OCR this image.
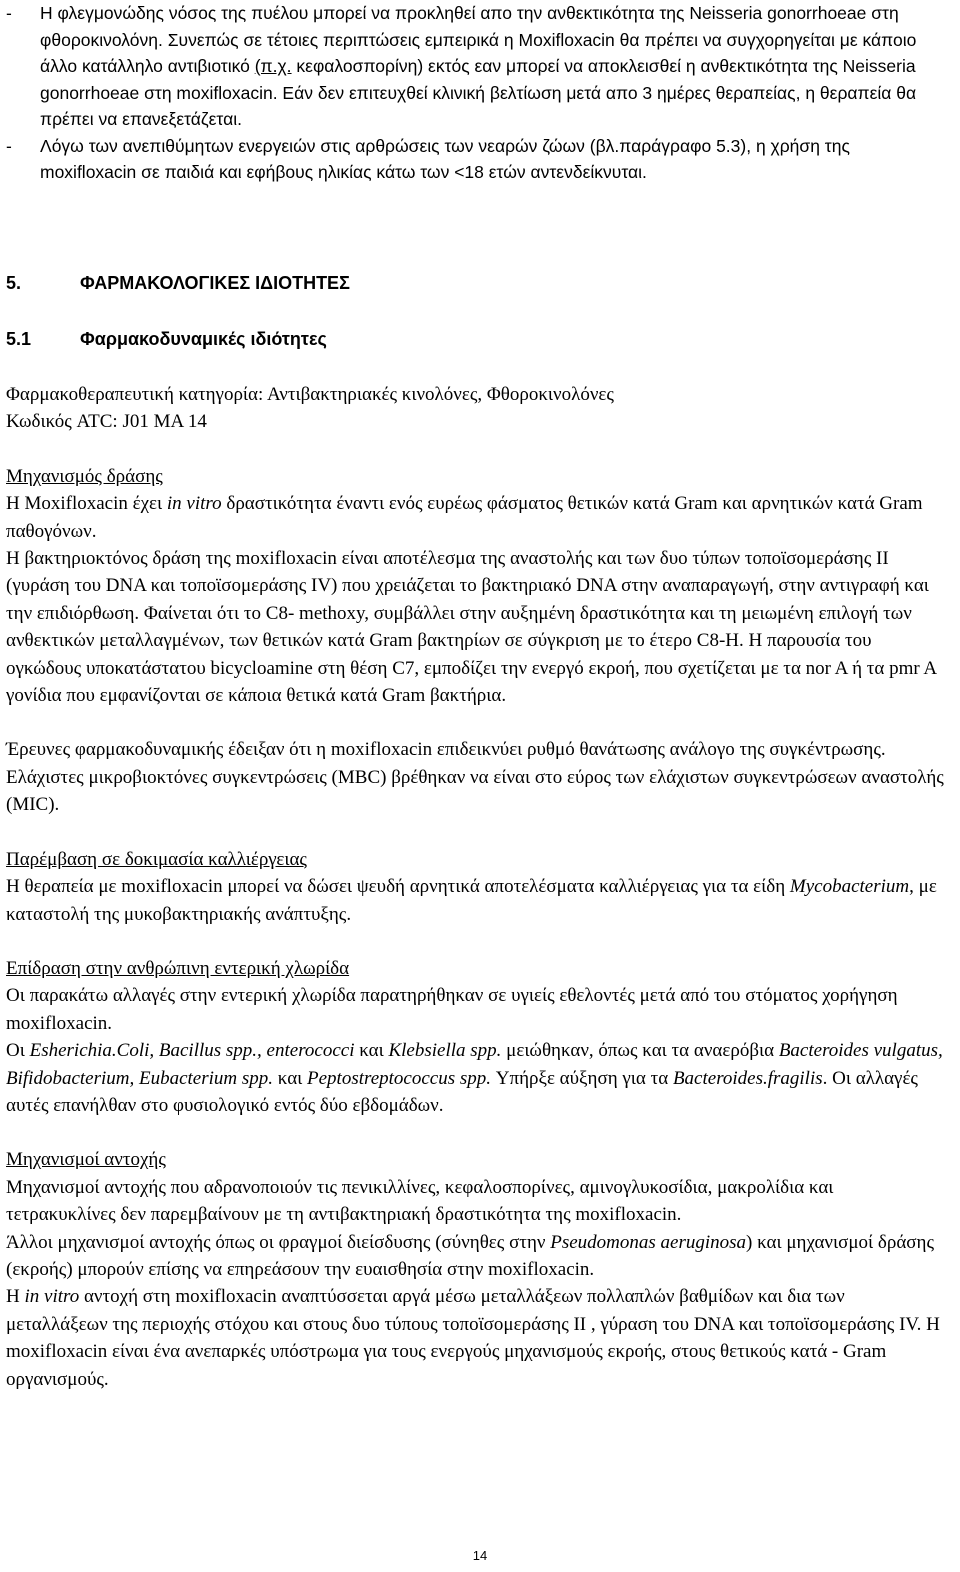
- Η φλεγμονώδης νόσος της πυέλου μπορεί να προκληθεί απο την ανθεκτικότητα της Neisseria gonorrhoeae στη φθοροκινολόνη. Συνεπώς σε τέτοιες περιπτώσεις εμπειρικά η Moxifloxacin θα πρέπει να συγχορηγείται με κάποιο άλλο κατάλληλο αντιβιοτικό (π.χ. κεφαλοσπορίνη) εκτός εαν μπορεί να αποκλεισθεί η ανθεκτικότητα της Neisseria gonorrhoeae στη moxifloxacin. Εάν δεν επιτευχθεί κλινική βελτίωση μετά απο 3 ημέρες θεραπείας, η θεραπεία θα πρέπει να επανεξετάζεται.

- Λόγω των ανεπιθύμητων ενεργειών στις αρθρώσεις των νεαρών ζώων (βλ.παράγραφο 5.3), η χρήση της moxifloxacin σε παιδιά και εφήβους ηλικίας κάτω των <18 ετών αντενδείκνυται.

5.	ΦΑΡΜΑΚΟΛΟΓΙΚΕΣ ΙΔΙΟΤΗΤΕΣ
5.1	Φαρμακοδυναμικές ιδιότητες

Φαρμακοθεραπευτική κατηγορία: Αντιβακτηριακές κινολόνες, Φθοροκινολόνες

Κωδικός ATC: J01 MA 14

Μηχανισμός δράσης

Η Moxifloxacin έχει in vitro δραστικότητα έναντι ενός ευρέως φάσματος θετικών κατά Gram και αρνητικών κατά Gram παθογόνων.

Η βακτηριοκτόνος δράση της moxifloxacin είναι αποτέλεσμα της αναστολής και των δυο τύπων τοποϊσομεράσης II (γυράση του DNA και τοποϊσομεράσης IV) που χρειάζεται το βακτηριακό DNA στην αναπαραγωγή, στην αντιγραφή και την επιδιόρθωση. Φαίνεται ότι το C8- methoxy, συμβάλλει στην αυξημένη δραστικότητα και τη μειωμένη επιλογή των ανθεκτικών μεταλλαγμένων, των θετικών κατά Gram βακτηρίων σε σύγκριση με το έτερο C8-H. Η παρουσία του ογκώδους υποκατάστατου bicycloamine στη θέση C7, εμποδίζει την ενεργό εκροή, που σχετίζεται με τα nor A ή τα pmr A γονίδια που εμφανίζονται σε κάποια θετικά κατά Gram βακτήρια.

Έρευνες φαρμακοδυναμικής έδειξαν ότι η moxifloxacin επιδεικνύει ρυθμό θανάτωσης ανάλογο της συγκέντρωσης. Ελάχιστες μικροβιοκτόνες συγκεντρώσεις (MBC) βρέθηκαν να είναι στο εύρος των ελάχιστων συγκεντρώσεων αναστολής (MIC).

Παρέμβαση σε δοκιμασία καλλιέργειας

Η θεραπεία με moxifloxacin μπορεί να δώσει ψευδή αρνητικά αποτελέσματα καλλιέργειας για τα είδη Mycobacterium, με καταστολή της μυκοβακτηριακής ανάπτυξης.

Επίδραση στην ανθρώπινη εντερική χλωρίδα

Οι παρακάτω αλλαγές στην εντερική χλωρίδα παρατηρήθηκαν σε υγιείς εθελοντές μετά από του στόματος χορήγηση moxifloxacin.

Οι Esherichia.Coli, Bacillus spp., enterococci και Klebsiella spp. μειώθηκαν, όπως και τα αναερόβια Bacteroides vulgatus, Bifidobacterium, Eubacterium spp. και Peptostreptococcus spp. Υπήρξε αύξηση για τα Bacteroides.fragilis. Οι αλλαγές αυτές επανήλθαν στο φυσιολογικό εντός δύο εβδομάδων.

Μηχανισμοί αντοχής

Μηχανισμοί αντοχής που αδρανοποιούν τις πενικιλλίνες, κεφαλοσπορίνες, αμινογλυκοσίδια, μακρολίδια και τετρακυκλίνες δεν παρεμβαίνουν με τη αντιβακτηριακή δραστικότητα της moxifloxacin.

Άλλοι μηχανισμοί αντοχής όπως οι φραγμοί διείσδυσης (σύνηθες στην Pseudomonas aeruginosa) και μηχανισμοί δράσης (εκροής) μπορούν επίσης να επηρεάσουν την ευαισθησία στην moxifloxacin.

Η in vitro αντοχή στη moxifloxacin αναπτύσσεται αργά μέσω μεταλλάξεων πολλαπλών βαθμίδων και δια των μεταλλάξεων της περιοχής στόχου και στους δυο τύπους τοποϊσομεράσης II , γύραση του DNA και τοποϊσομεράσης IV. Η moxifloxacin είναι ένα ανεπαρκές υπόστρωμα για τους ενεργούς μηχανισμούς εκροής, στους θετικούς κατά - Gram οργανισμούς.

14
